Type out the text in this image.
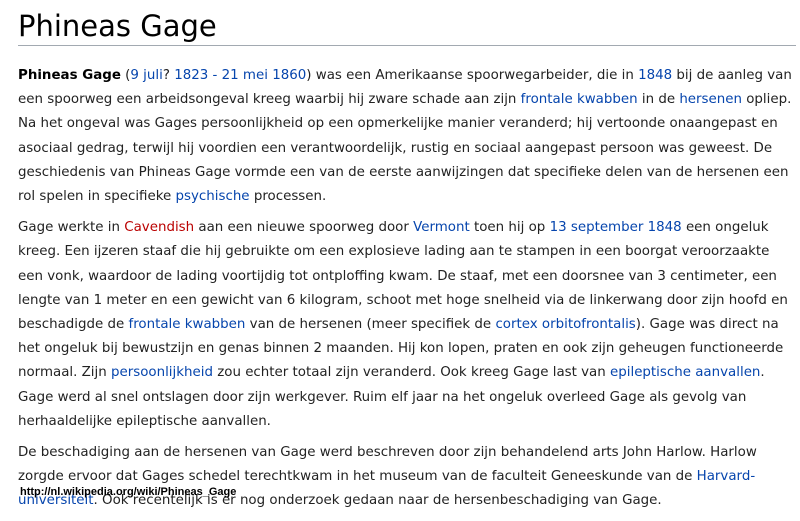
Phineas Gage

Phineas Gage (9 juli? 1823 - 21 mei 1860) was een Amerikaanse spoorwegarbeider, die in 1848 bij de aanleg van een spoorweg een arbeidsongeval kreeg waarbij hij zware schade aan zijn frontale kwabben in de hersenen opliep. Na het ongeval was Gages persoonlijkheid op een opmerkelijke manier veranderd; hij vertoonde onaangepast en asociaal gedrag, terwijl hij voordien een verantwoordelijk, rustig en sociaal aangepast persoon was geweest. De geschiedenis van Phineas Gage vormde een van de eerste aanwijzingen dat specifieke delen van de hersenen een rol spelen in specifieke psychische processen.

Gage werkte in Cavendish aan een nieuwe spoorweg door Vermont toen hij op 13 september 1848 een ongeluk kreeg. Een ijzeren staaf die hij gebruikte om een explosieve lading aan te stampen in een boorgat veroorzaakte een vonk, waardoor de lading voortijdig tot ontploffing kwam. De staaf, met een doorsnee van 3 centimeter, een lengte van 1 meter en een gewicht van 6 kilogram, schoot met hoge snelheid via de linkerwang door zijn hoofd en beschadigde de frontale kwabben van de hersenen (meer specifiek de cortex orbitofrontalis). Gage was direct na het ongeluk bij bewustzijn en genas binnen 2 maanden. Hij kon lopen, praten en ook zijn geheugen functioneerde normaal. Zijn persoonlijkheid zou echter totaal zijn veranderd. Ook kreeg Gage last van epileptische aanvallen. Gage werd al snel ontslagen door zijn werkgever. Ruim elf jaar na het ongeluk overleed Gage als gevolg van herhaaldelijke epileptische aanvallen.

De beschadiging aan de hersenen van Gage werd beschreven door zijn behandelend arts John Harlow. Harlow zorgde ervoor dat Gages schedel terechtkwam in het museum van de faculteit Geneeskunde van de Harvard-universiteit. Ook recentelijk is er nog onderzoek gedaan naar de hersenbeschadiging van Gage.

http://nl.wikipedia.org/wiki/Phineas_Gage
